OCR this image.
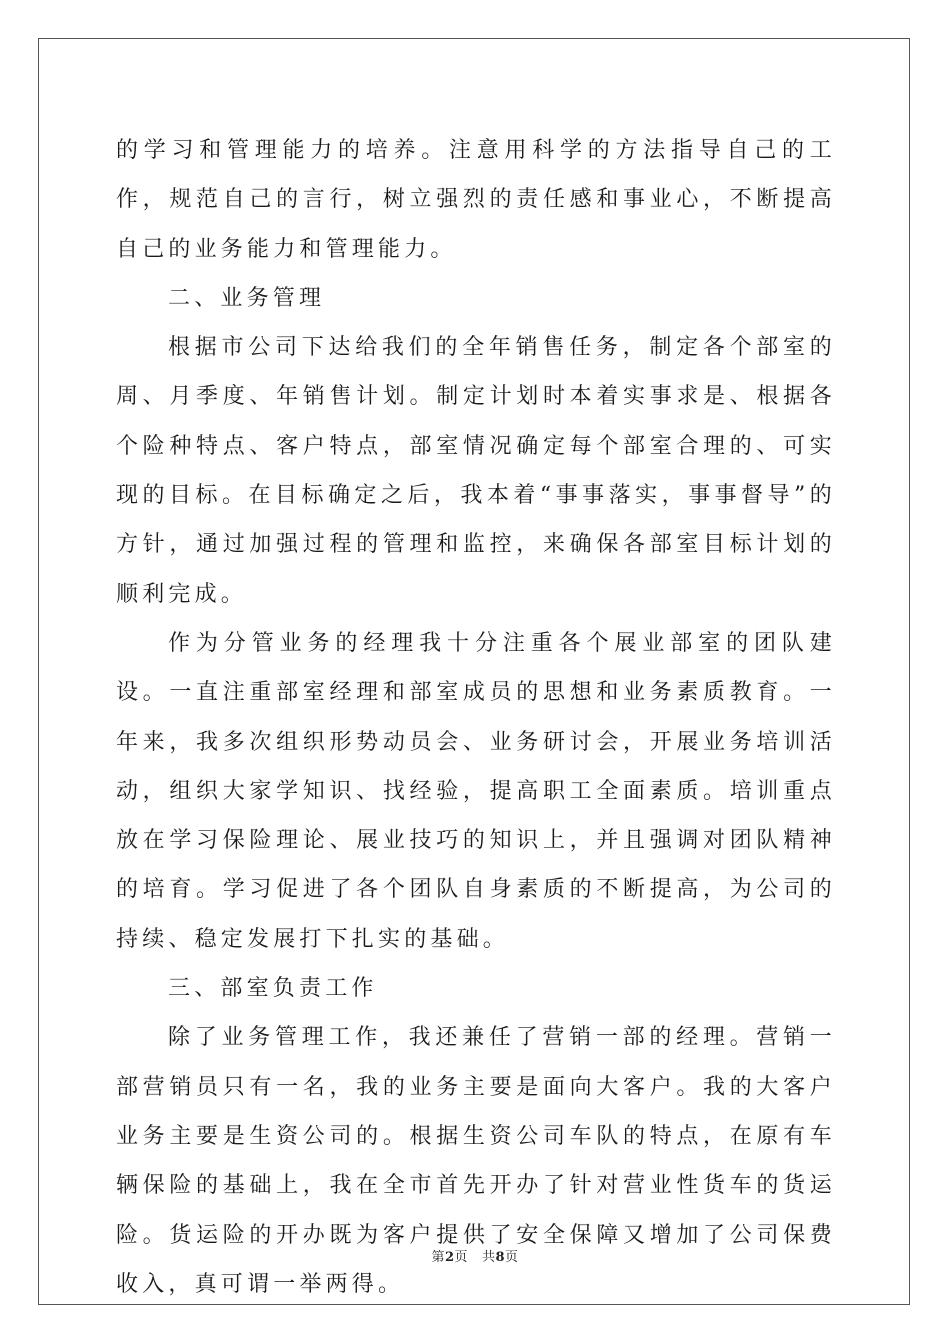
的学习和管理能力的培养。注意用科学的方法指导自己的工作，规范自己的言行，树立强烈的责任感和事业心，不断提高自己的业务能力和管理能力。

二、业务管理

根据市公司下达给我们的全年销售任务，制定各个部室的周、月季度、年销售计划。制定计划时本着实事求是、根据各个险种特点、客户特点，部室情况确定每个部室合理的、可实现的目标。在目标确定之后，我本着“事事落实，事事督导”的方针，通过加强过程的管理和监控，来确保各部室目标计划的顺利完成。

作为分管业务的经理我十分注重各个展业部室的团队建设。一直注重部室经理和部室成员的思想和业务素质教育。一年来，我多次组织形势动员会、业务研讨会，开展业务培训活动，组织大家学知识、找经验，提高职工全面素质。培训重点放在学习保险理论、展业技巧的知识上，并且强调对团队精神的培育。学习促进了各个团队自身素质的不断提高，为公司的持续、稳定发展打下扎实的基础。

三、部室负责工作

除了业务管理工作，我还兼任了营销一部的经理。营销一部营销员只有一名，我的业务主要是面向大客户。我的大客户业务主要是生资公司的。根据生资公司车队的特点，在原有车辆保险的基础上，我在全市首先开办了针对营业性货车的货运险。货运险的开办既为客户提供了安全保障又增加了公司保费收入，真可谓一举两得。

第2页 共8页
